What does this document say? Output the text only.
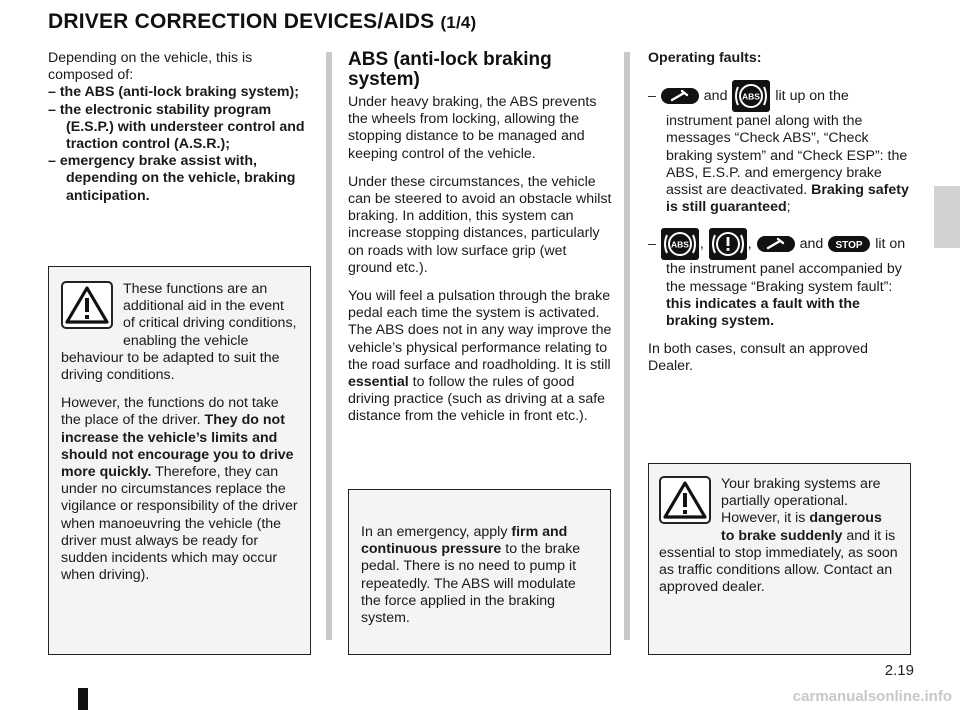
DRIVER CORRECTION DEVICES/AIDS (1/4)

Depending on the vehicle, this is composed of:

– the ABS (anti-lock braking system);
– the electronic stability program (E.S.P.) with understeer control and traction control (A.S.R.);
– emergency brake assist with, depending on the vehicle, braking anticipation.

These functions are an additional aid in the event of critical driving conditions, enabling the vehicle behaviour to be adapted to suit the driving conditions.

However, the functions do not take the place of the driver. They do not increase the vehicle’s limits and should not encourage you to drive more quickly. Therefore, they can under no circumstances replace the vigilance or responsibility of the driver when manoeuvring the vehicle (the driver must always be ready for sudden incidents which may occur when driving).

ABS (anti-lock braking system)

Under heavy braking, the ABS prevents the wheels from locking, allowing the stopping distance to be managed and keeping control of the vehicle.

Under these circumstances, the vehicle can be steered to avoid an obstacle whilst braking. In addition, this system can increase stopping distances, particularly on roads with low surface grip (wet ground etc.).

You will feel a pulsation through the brake pedal each time the system is activated. The ABS does not in any way improve the vehicle’s physical performance relating to the road surface and roadholding. It is still essential to follow the rules of good driving practice (such as driving at a safe distance from the vehicle in front etc.).

In an emergency, apply firm and continuous pressure to the brake pedal. There is no need to pump it repeatedly. The ABS will modulate the force applied in the braking system.

Operating faults:

–	and ABS lit up on the instrument panel along with the messages “Check ABS”, “Check braking system” and “Check ESP”: the ABS, E.S.P. and emergency brake assist are deactivated. Braking safety is still guaranteed;

– ABS ,	,	and STOP lit on the instrument panel accompanied by the message “Braking system fault”: this indicates a fault with the braking system.

In both cases, consult an approved Dealer.

Your braking systems are partially operational. However, it is dangerous to brake suddenly and it is essential to stop immediately, as soon as traffic conditions allow. Contact an approved dealer.

2.19
carmanualsonline.info
